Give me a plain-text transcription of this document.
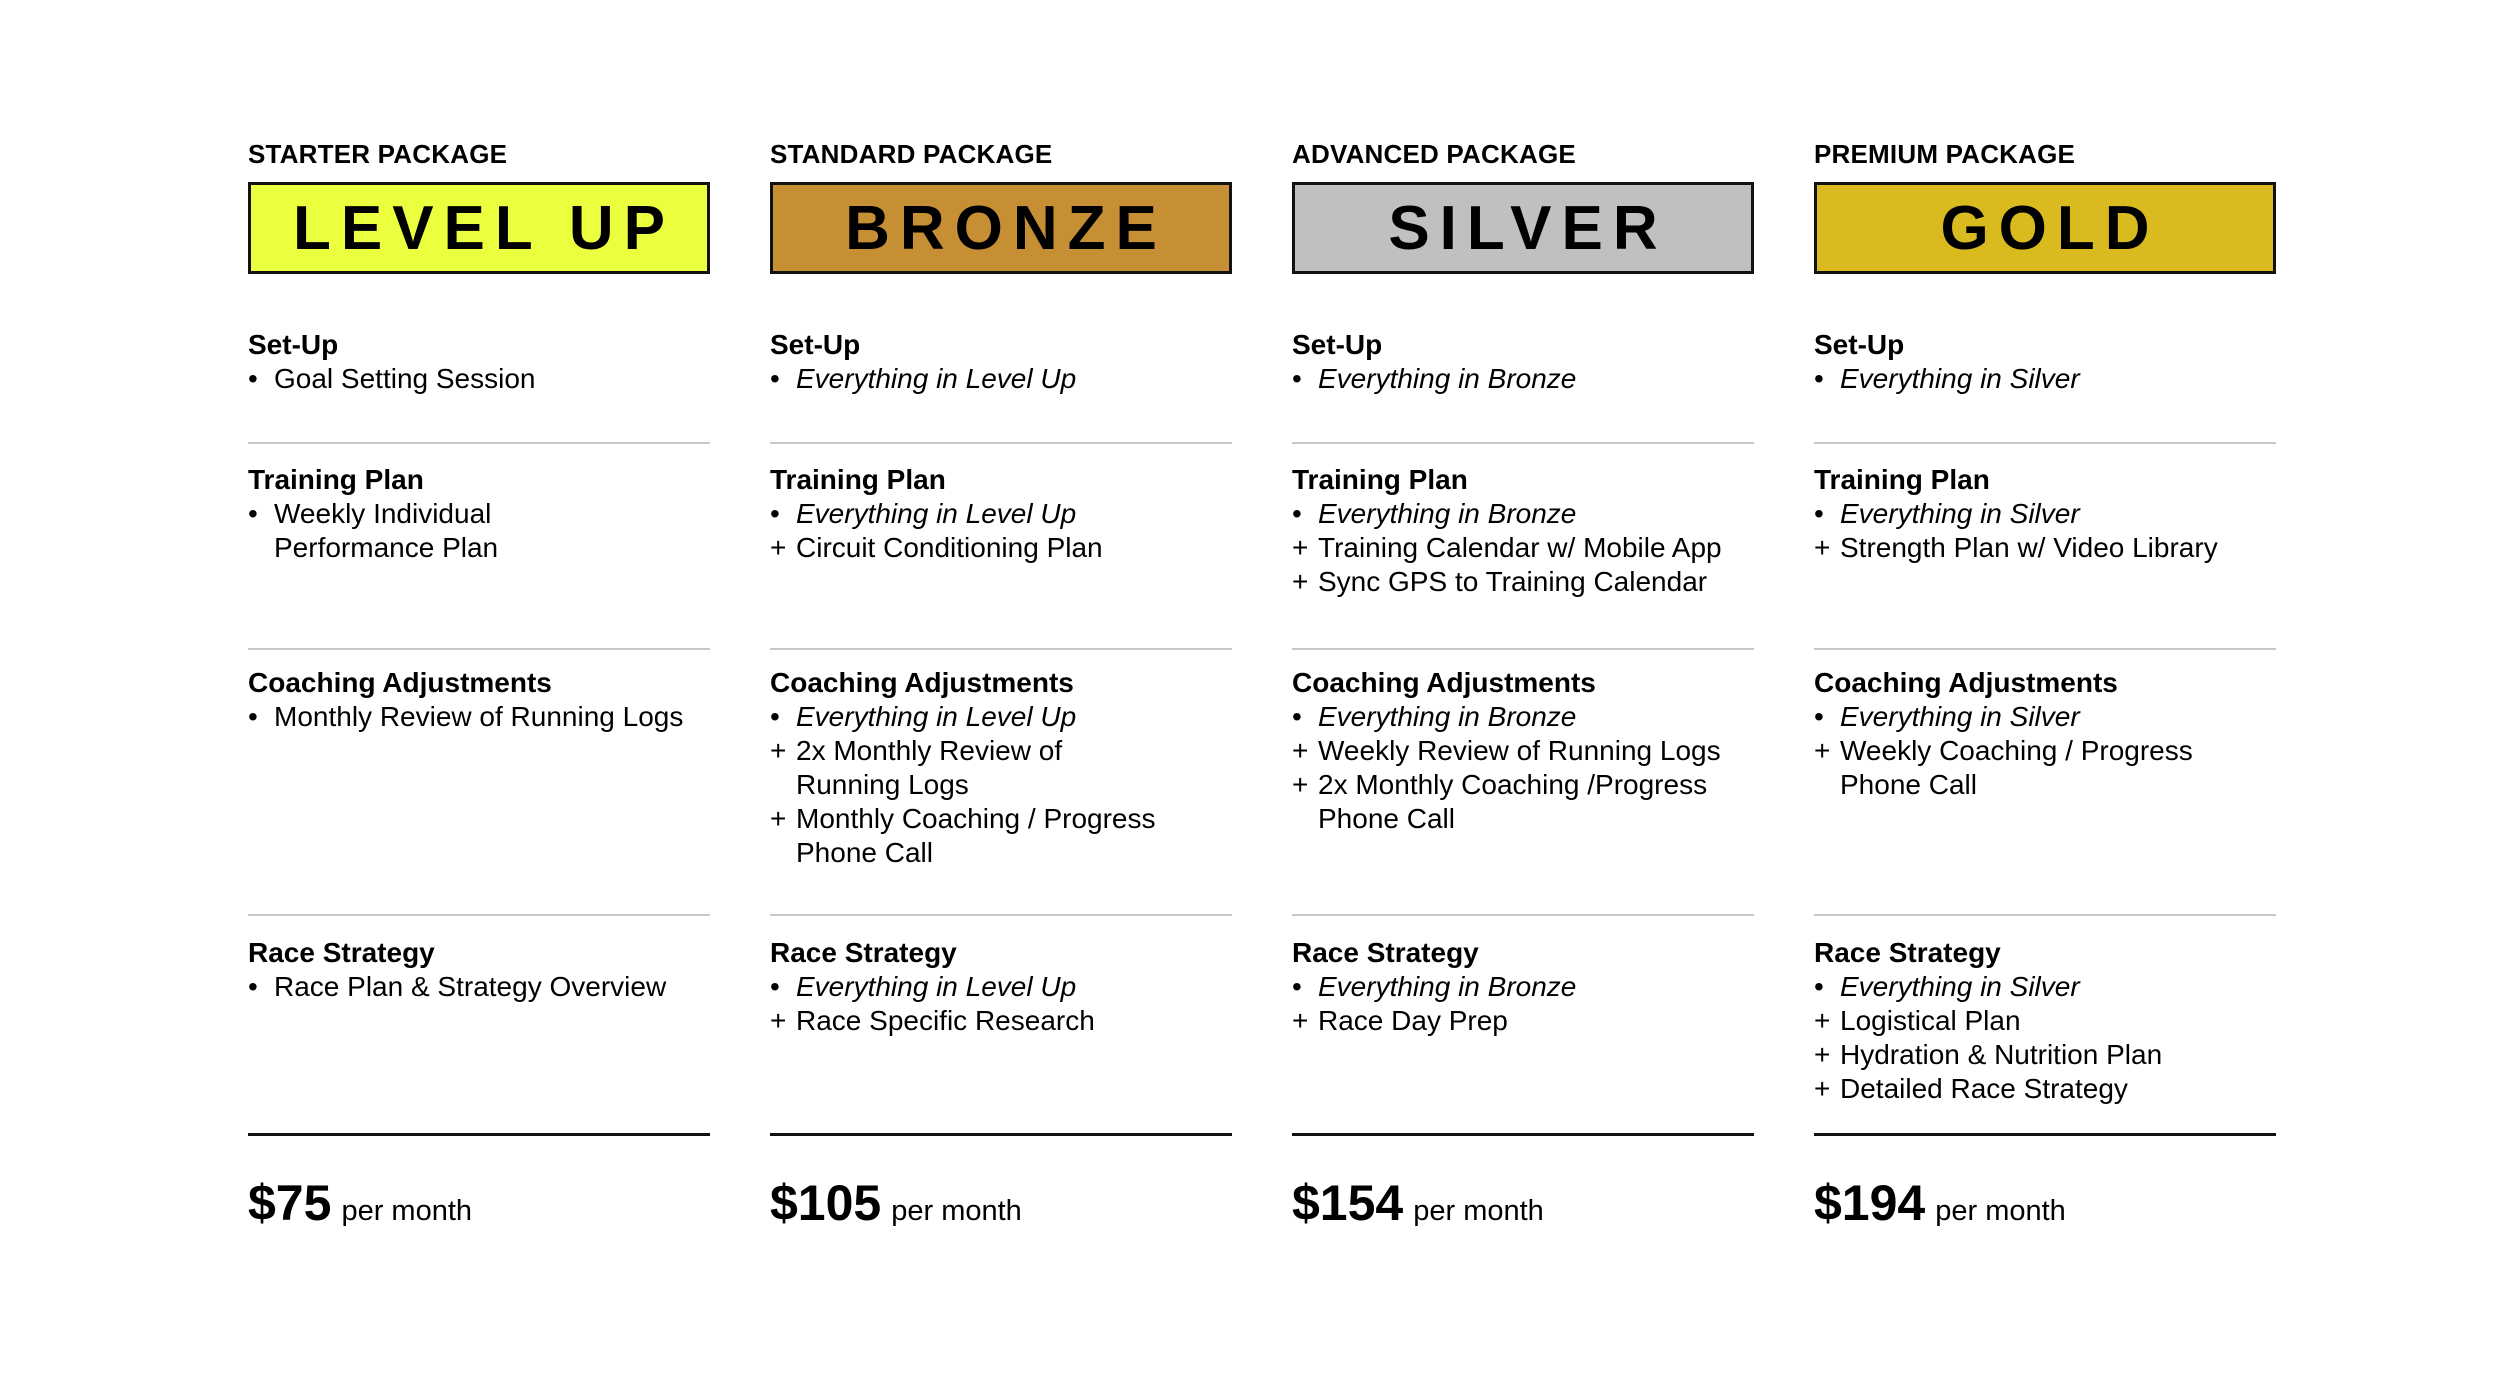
STARTER PACKAGE
LEVEL UP
Set-Up
• Goal Setting Session
Training Plan
• Weekly Individual
Performance Plan
Coaching Adjustments
• Monthly Review of Running Logs
Race Strategy
• Race Plan & Strategy Overview
$75 per month
STANDARD PACKAGE
BRONZE
Set-Up
• Everything in Level Up
Training Plan
• Everything in Level Up
+ Circuit Conditioning Plan
Coaching Adjustments
• Everything in Level Up
+ 2x Monthly Review of
Running Logs
+ Monthly Coaching / Progress
Phone Call
Race Strategy
• Everything in Level Up
+ Race Specific Research
$105 per month
ADVANCED PACKAGE
SILVER
Set-Up
• Everything in Bronze
Training Plan
• Everything in Bronze
+ Training Calendar w/ Mobile App
+ Sync GPS to Training Calendar
Coaching Adjustments
• Everything in Bronze
+ Weekly Review of Running Logs
+ 2x Monthly Coaching /Progress
Phone Call
Race Strategy
• Everything in Bronze
+ Race Day Prep
$154 per month
PREMIUM PACKAGE
GOLD
Set-Up
• Everything in Silver
Training Plan
• Everything in Silver
+ Strength Plan w/ Video Library
Coaching Adjustments
• Everything in Silver
+ Weekly Coaching / Progress
Phone Call
Race Strategy
• Everything in Silver
+ Logistical Plan
+ Hydration & Nutrition Plan
+ Detailed Race Strategy
$194 per month
